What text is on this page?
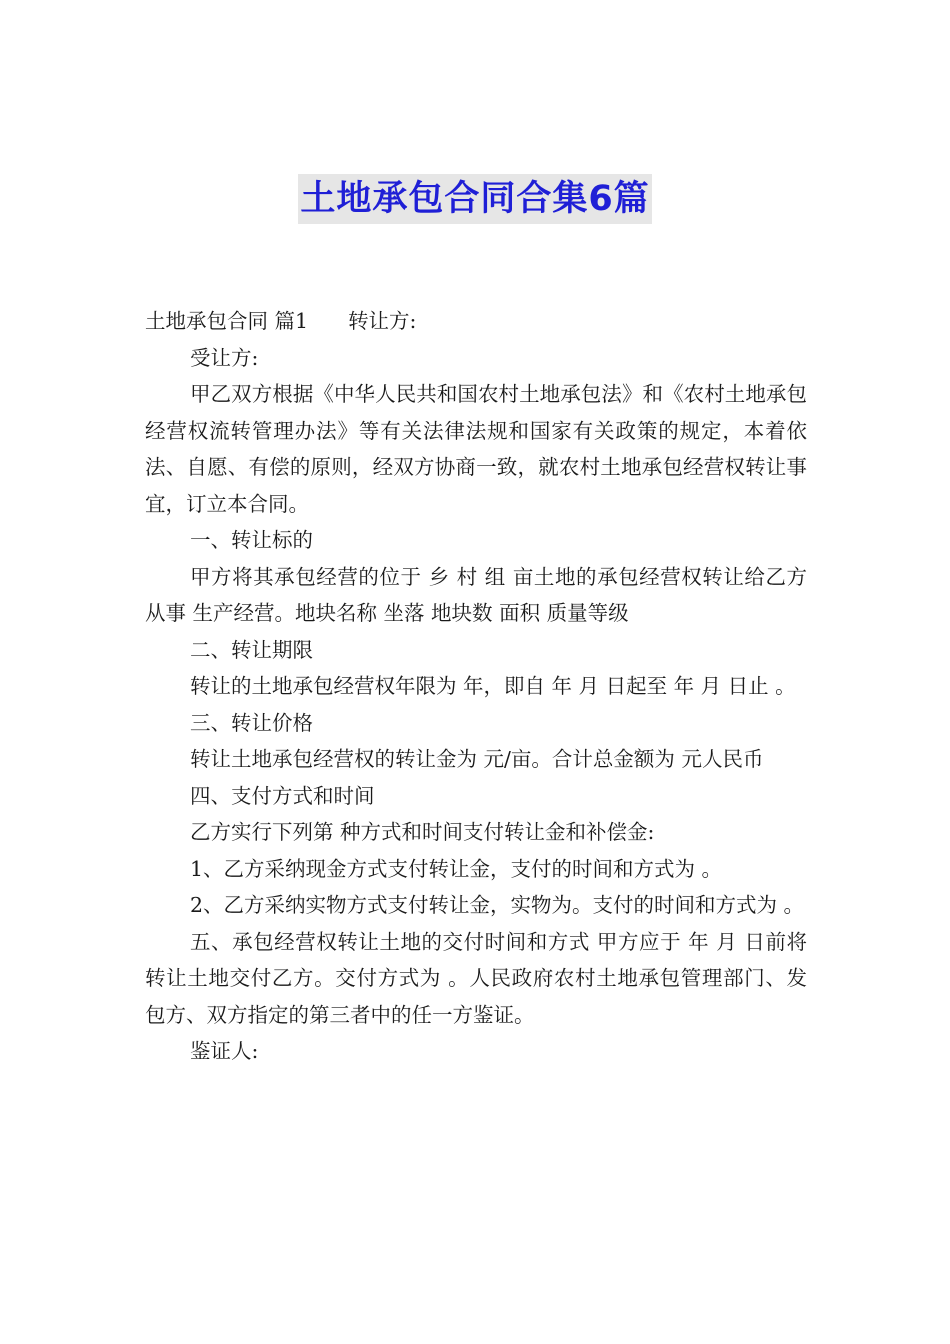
土地承包合同合集6篇

土地承包合同 篇1 转让方:

受让方:

甲乙双方根据《中华人民共和国农村土地承包法》和《农村土地承包经营权流转管理办法》等有关法律法规和国家有关政策的规定，本着依法、自愿、有偿的原则，经双方协商一致，就农村土地承包经营权转让事宜，订立本合同。

一、转让标的

甲方将其承包经营的位于 乡 村 组 亩土地的承包经营权转让给乙方从事 生产经营。地块名称 坐落 地块数 面积 质量等级

二、转让期限

转让的土地承包经营权年限为 年，即自 年 月 日起至 年 月 日止 。

三、转让价格

转让土地承包经营权的转让金为 元/亩。合计总金额为 元人民币

四、支付方式和时间

乙方实行下列第 种方式和时间支付转让金和补偿金:

1、乙方采纳现金方式支付转让金，支付的时间和方式为 。

2、乙方采纳实物方式支付转让金，实物为。支付的时间和方式为 。

五、承包经营权转让土地的交付时间和方式 甲方应于 年 月 日前将转让土地交付乙方。交付方式为 。人民政府农村土地承包管理部门、发包方、双方指定的第三者中的任一方鉴证。

鉴证人:
